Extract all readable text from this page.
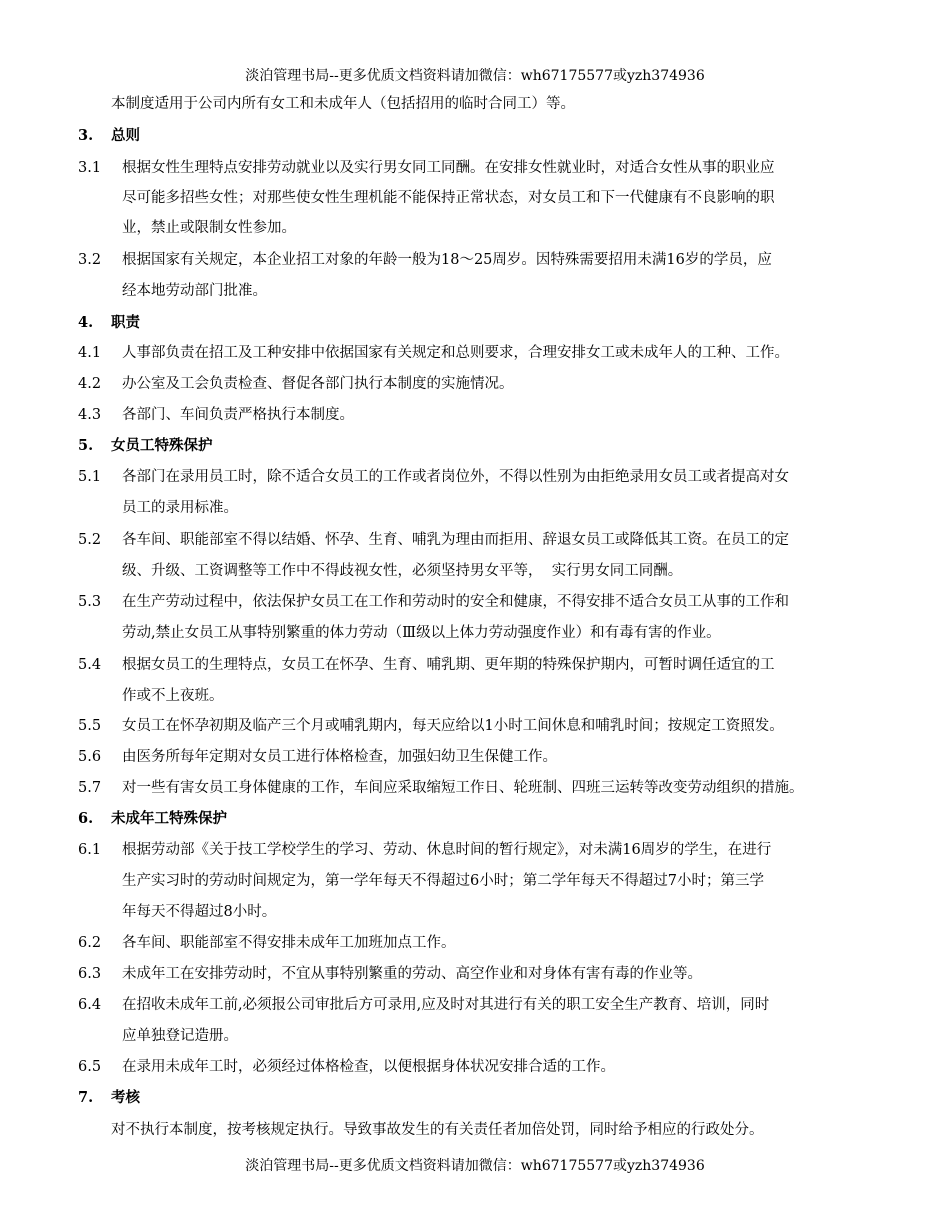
淡泊管理书局--更多优质文档资料请加微信：wh67175577或yzh374936
本制度适用于公司内所有女工和未成年人（包括招用的临时合同工）等。
3. 总则
3.1 根据女性生理特点安排劳动就业以及实行男女同工同酬。在安排女性就业时，对适合女性从事的职业应
尽可能多招些女性；对那些使女性生理机能不能保持正常状态，对女员工和下一代健康有不良影响的职
业，禁止或限制女性参加。
3.2 根据国家有关规定，本企业招工对象的年龄一般为18～25周岁。因特殊需要招用未满16岁的学员，应
经本地劳动部门批准。
4. 职责
4.1 人事部负责在招工及工种安排中依据国家有关规定和总则要求，合理安排女工或未成年人的工种、工作。
4.2 办公室及工会负责检查、督促各部门执行本制度的实施情况。
4.3 各部门、车间负责严格执行本制度。
5. 女员工特殊保护
5.1 各部门在录用员工时，除不适合女员工的工作或者岗位外，不得以性别为由拒绝录用女员工或者提高对女
员工的录用标准。
5.2 各车间、职能部室不得以结婚、怀孕、生育、哺乳为理由而拒用、辞退女员工或降低其工资。在员工的定
级、升级、工资调整等工作中不得歧视女性，必须坚持男女平等，  实行男女同工同酬。
5.3 在生产劳动过程中，依法保护女员工在工作和劳动时的安全和健康，不得安排不适合女员工从事的工作和
劳动,禁止女员工从事特别繁重的体力劳动（Ⅲ级以上体力劳动强度作业）和有毒有害的作业。
5.4 根据女员工的生理特点，女员工在怀孕、生育、哺乳期、更年期的特殊保护期内，可暂时调任适宜的工
作或不上夜班。
5.5 女员工在怀孕初期及临产三个月或哺乳期内，每天应给以1小时工间休息和哺乳时间；按规定工资照发。
5.6 由医务所每年定期对女员工进行体格检查，加强妇幼卫生保健工作。
5.7 对一些有害女员工身体健康的工作，车间应采取缩短工作日、轮班制、四班三运转等改变劳动组织的措施。
6. 未成年工特殊保护
6.1 根据劳动部《关于技工学校学生的学习、劳动、休息时间的暂行规定》，对未满16周岁的学生，在进行
生产实习时的劳动时间规定为，第一学年每天不得超过6小时；第二学年每天不得超过7小时；第三学
年每天不得超过8小时。
6.2 各车间、职能部室不得安排未成年工加班加点工作。
6.3 未成年工在安排劳动时，不宜从事特别繁重的劳动、高空作业和对身体有害有毒的作业等。
6.4 在招收未成年工前,必须报公司审批后方可录用,应及时对其进行有关的职工安全生产教育、培训，同时
应单独登记造册。
6.5 在录用未成年工时，必须经过体格检查，以便根据身体状况安排合适的工作。
7. 考核
对不执行本制度，按考核规定执行。导致事故发生的有关责任者加倍处罚，同时给予相应的行政处分。
淡泊管理书局--更多优质文档资料请加微信：wh67175577或yzh374936
